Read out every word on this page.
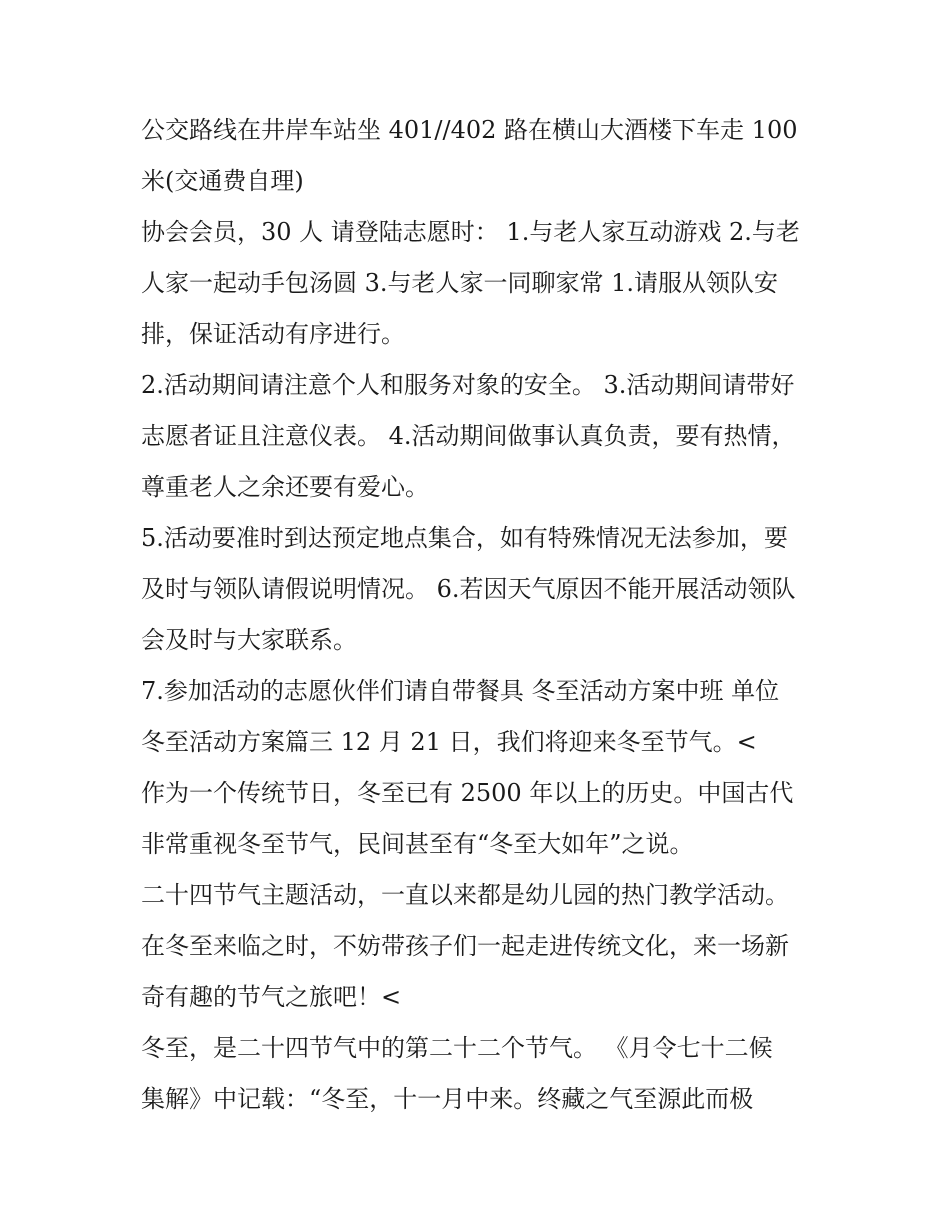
公交路线在井岸车站坐 401//402 路在横山大酒楼下车走 100
米(交通费自理)
协会会员，30 人 请登陆志愿时： 1.与老人家互动游戏 2.与老
人家一起动手包汤圆 3.与老人家一同聊家常 1.请服从领队安
排，保证活动有序进行。
2.活动期间请注意个人和服务对象的安全。 3.活动期间请带好
志愿者证且注意仪表。 4.活动期间做事认真负责，要有热情，
尊重老人之余还要有爱心。
5.活动要准时到达预定地点集合，如有特殊情况无法参加，要
及时与领队请假说明情况。 6.若因天气原因不能开展活动领队
会及时与大家联系。
7.参加活动的志愿伙伴们请自带餐具 冬至活动方案中班 单位
冬至活动方案篇三 12 月 21 日，我们将迎来冬至节气。<
作为一个传统节日，冬至已有 2500 年以上的历史。中国古代
非常重视冬至节气，民间甚至有“冬至大如年”之说。
二十四节气主题活动，一直以来都是幼儿园的热门教学活动。
在冬至来临之时，不妨带孩子们一起走进传统文化，来一场新
奇有趣的节气之旅吧！<
冬至，是二十四节气中的第二十二个节气。 《月令七十二候
集解》中记载：“冬至，十一月中来。终藏之气至源此而极
